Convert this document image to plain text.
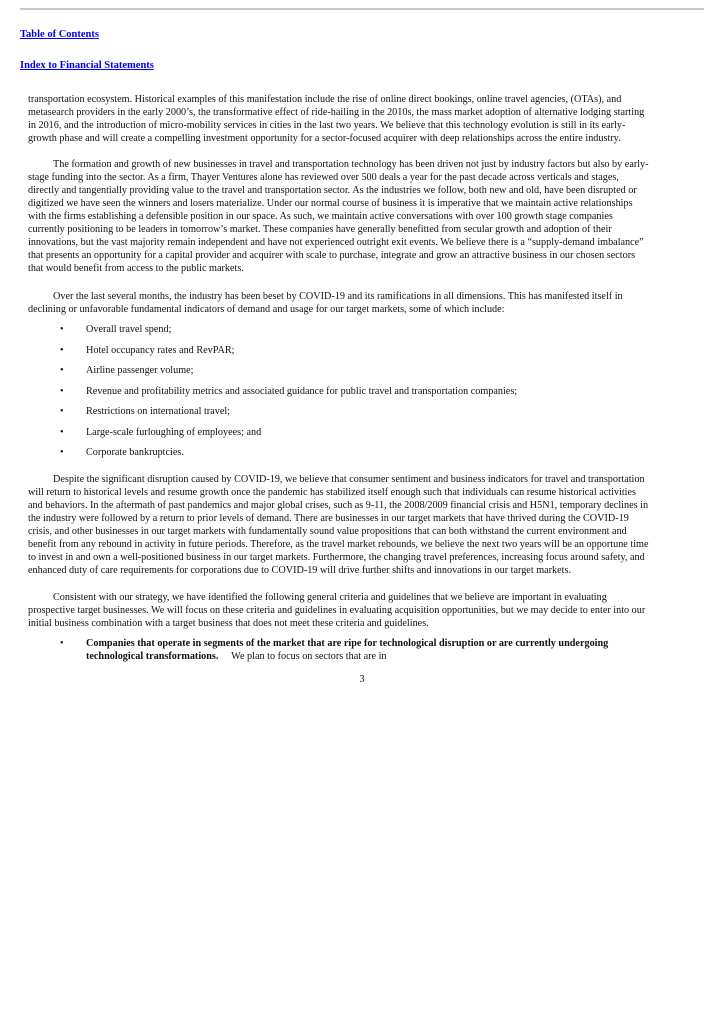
Table of Contents
Index to Financial Statements
transportation ecosystem. Historical examples of this manifestation include the rise of online direct bookings, online travel agencies, (OTAs), and
metasearch providers in the early 2000’s, the transformative effect of ride-hailing in the 2010s, the mass market adoption of alternative lodging starting
in 2016, and the introduction of micro-mobility services in cities in the last two years. We believe that this technology evolution is still in its early-
growth phase and will create a compelling investment opportunity for a sector-focused acquirer with deep relationships across the entire industry.
The formation and growth of new businesses in travel and transportation technology has been driven not just by industry factors but also by early-
stage funding into the sector. As a firm, Thayer Ventures alone has reviewed over 500 deals a year for the past decade across verticals and stages,
directly and tangentially providing value to the travel and transportation sector. As the industries we follow, both new and old, have been disrupted or
digitized we have seen the winners and losers materialize. Under our normal course of business it is imperative that we maintain active relationships
with the firms establishing a defensible position in our space. As such, we maintain active conversations with over 100 growth stage companies
currently positioning to be leaders in tomorrow’s market. These companies have generally benefitted from secular growth and adoption of their
innovations, but the vast majority remain independent and have not experienced outright exit events. We believe there is a “supply-demand imbalance”
that presents an opportunity for a capital provider and acquirer with scale to purchase, integrate and grow an attractive business in our chosen sectors
that would benefit from access to the public markets.
Over the last several months, the industry has been beset by COVID-19 and its ramifications in all dimensions. This has manifested itself in
declining or unfavorable fundamental indicators of demand and usage for our target markets, some of which include:
Despite the significant disruption caused by COVID-19, we believe that consumer sentiment and business indicators for travel and transportation
will return to historical levels and resume growth once the pandemic has stabilized itself enough such that individuals can resume historical activities
and behaviors. In the aftermath of past pandemics and major global crises, such as 9-11, the 2008/2009 financial crisis and H5N1, temporary declines in
the industry were followed by a return to prior levels of demand. There are businesses in our target markets that have thrived during the COVID-19
crisis, and other businesses in our target markets with fundamentally sound value propositions that can both withstand the current environment and
benefit from any rebound in activity in future periods. Therefore, as the travel market rebounds, we believe the next two years will be an opportune time
to invest in and own a well-positioned business in our target markets. Furthermore, the changing travel preferences, increasing focus around safety, and
enhanced duty of care requirements for corporations due to COVID-19 will drive further shifts and innovations in our target markets.
Consistent with our strategy, we have identified the following general criteria and guidelines that we believe are important in evaluating
prospective target businesses. We will focus on these criteria and guidelines in evaluating acquisition opportunities, but we may decide to enter into our
initial business combination with a target business that does not meet these criteria and guidelines.
• Overall travel spend;
• Hotel occupancy rates and RevPAR;
• Airline passenger volume;
• Revenue and profitability metrics and associated guidance for public travel and transportation companies;
• Restrictions on international travel;
• Large-scale furloughing of employees; and
• Corporate bankruptcies.
• Companies that operate in segments of the market that are ripe for technological disruption or are currently undergoing
technological transformations. We plan to focus on sectors that are in
3
